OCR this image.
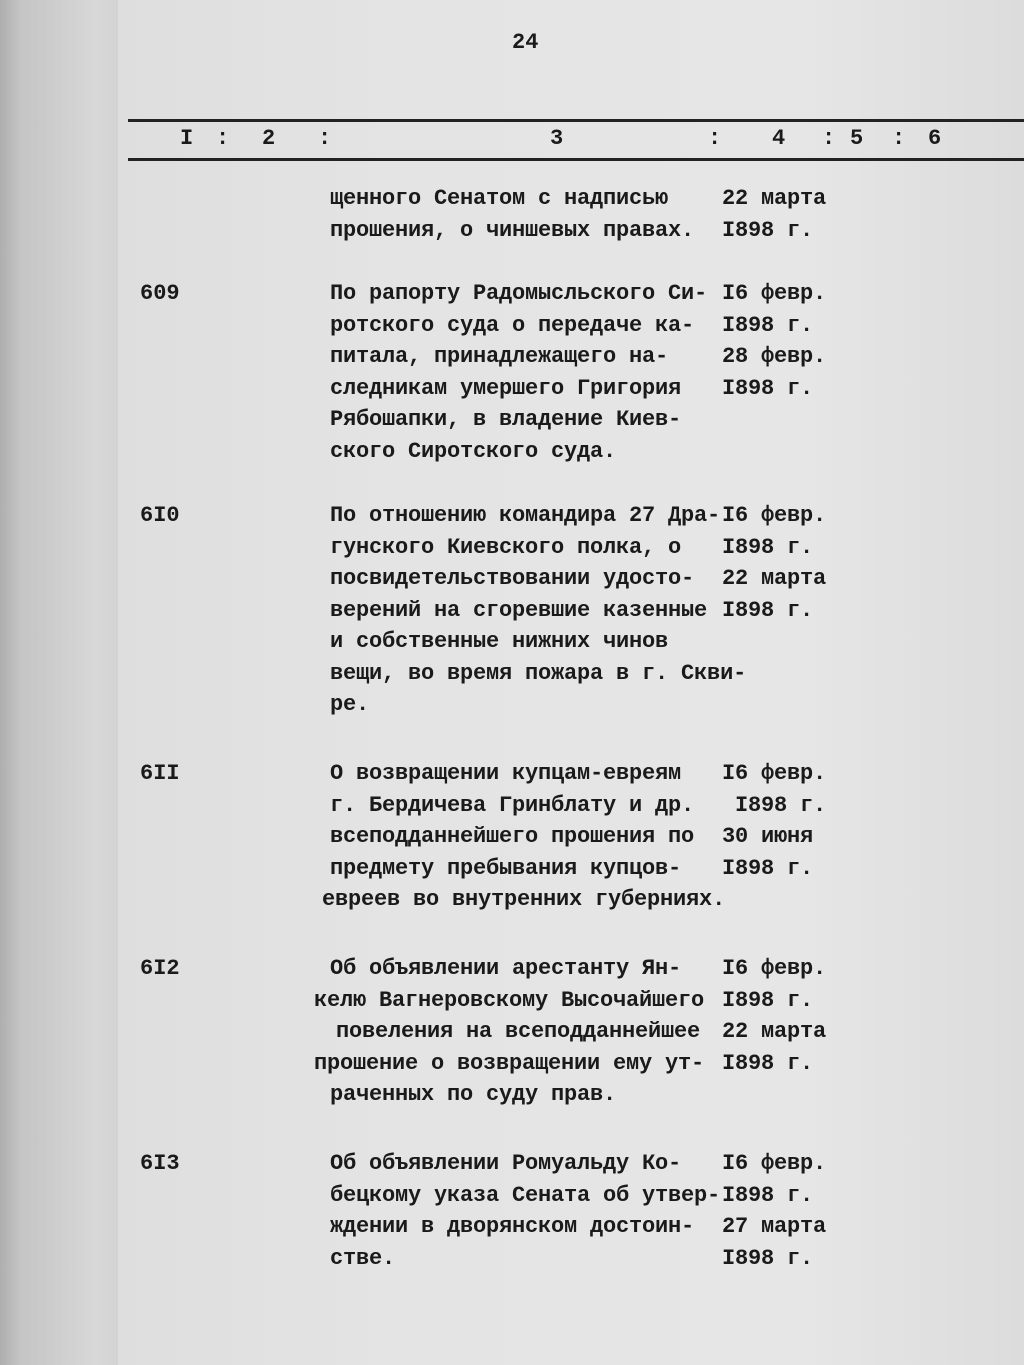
24
I : 2 :	3	: 4 : 5 : 6
щенного Сенатом с надписью 22 марта
прошения, о чиншевых правах. I898 г.
609	По рапорту Радомысльского Си- I6 февр.
ротского суда о передаче ка- I898 г.
питала, принадлежащего на- 28 февр.
следникам умершего Григория I898 г.
Рябошапки, в владение Киев-
ского Сиротского суда.
6I0	По отношению командира 27 Дра- I6 февр.
гунского Киевского полка, о I898 г.
посвидетельствовании удосто- 22 марта
верений на сгоревшие казенные I898 г.
и собственные нижних чинов
вещи, во время пожара в г. Скви-
ре.
6II	О возвращении купцам-евреям I6 февр.
г. Бердичева Гринблату и др. I898 г.
всеподданнейшего прошения по 30 июня
предмету пребывания купцов- I898 г.
евреев во внутренних губерниях.
6I2	Об объявлении арестанту Ян- I6 февр.
келю Вагнеровскому Высочайшего I898 г.
повеления на всеподданнейшее 22 марта
прошение о возвращении ему ут- I898 г.
раченных по суду прав.
6I3	Об объявлении Ромуальду Ко- I6 февр.
бецкому указа Сената об утвер- I898 г.
ждении в дворянском достоин- 27 марта
стве.	I898 г.
